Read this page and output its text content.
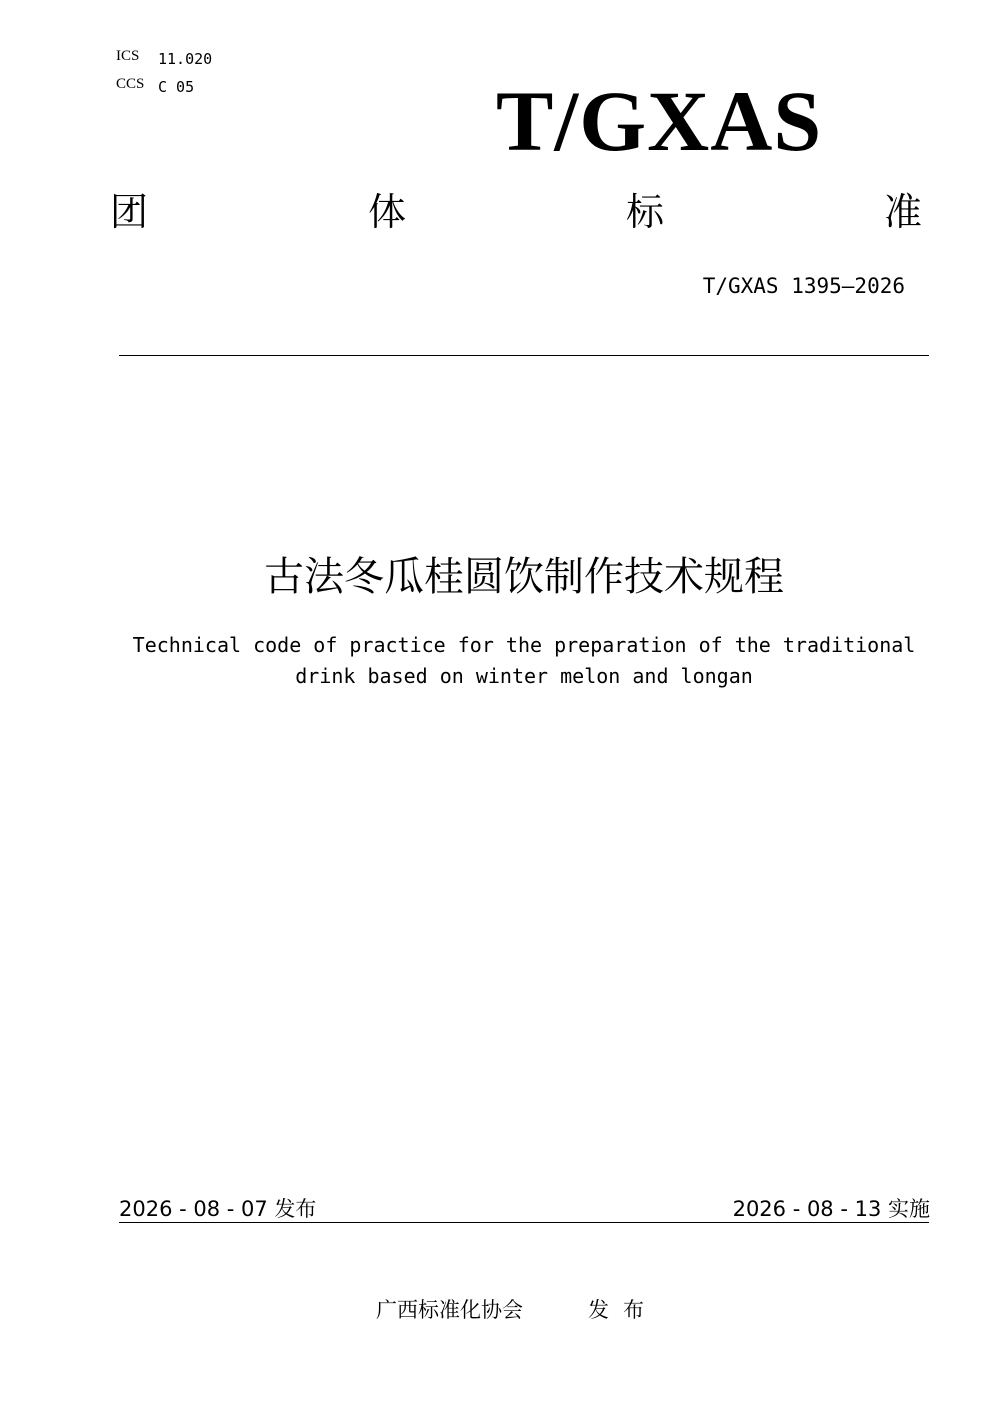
ICS 11.020
CCS C 05	T/GXAS
团	体	标	准
T/GXAS 1395—2026
古法冬瓜桂圆饮制作技术规程
Technical code of practice for the preparation of the traditional
drink based on winter melon and longan
2026 - 08 - 07 发布	2026 - 08 - 13 实施
广西标准化协会	发布
